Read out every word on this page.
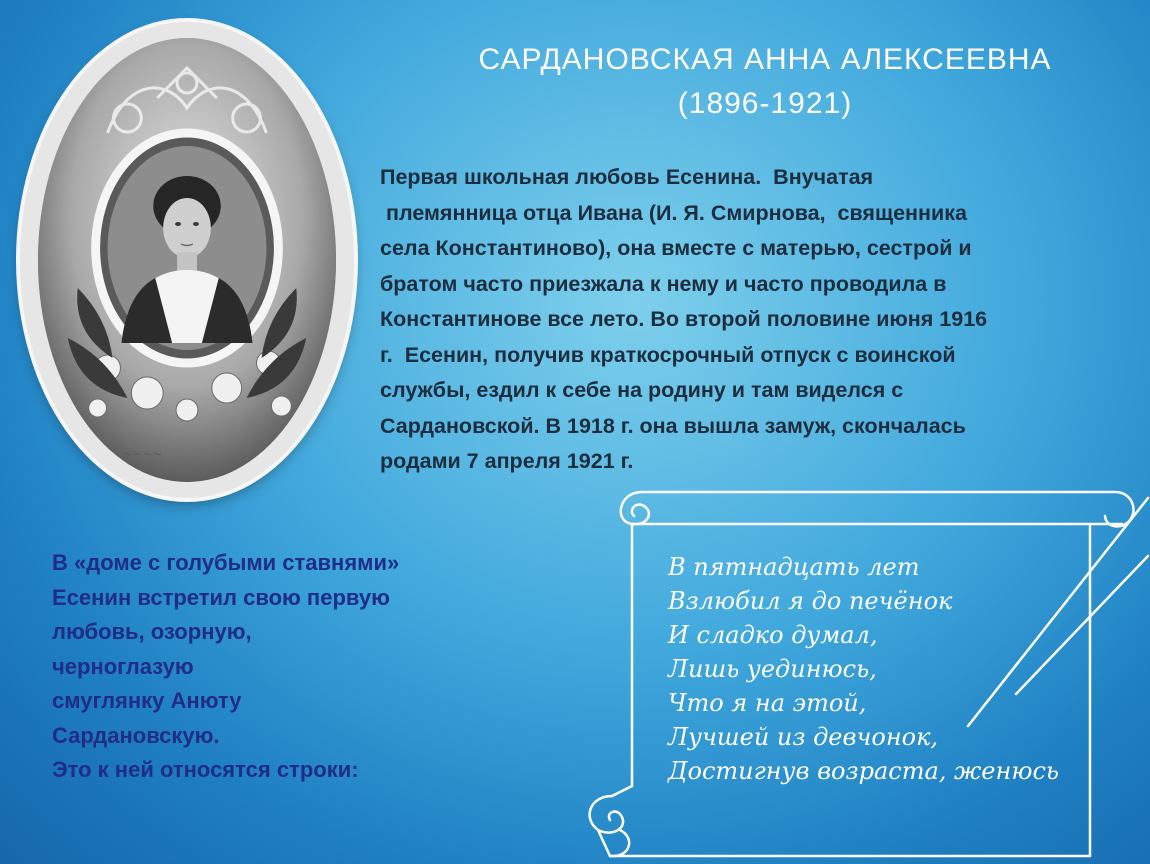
~~~~
САРДАНОВСКАЯ АННА АЛЕКСЕЕВНА
(1896-1921)

Первая школьная любовь Есенина.  Внучатая
племянница отца Ивана (И. Я. Смирнова,  священника
села Константиново), она вместе с матерью, сестрой и
братом часто приезжала к нему и часто проводила в
Константинове все лето. Во второй половине июня 1916
г.  Есенин, получив краткосрочный отпуск с воинской
службы, ездил к себе на родину и там виделся с
Сардановской. В 1918 г. она вышла замуж, скончалась
родами 7 апреля 1921 г.

В «доме с голубыми ставнями»
Есенин встретил свою первую
любовь, озорную,
черноглазую
смуглянку Анюту
Сардановскую.
Это к ней относятся строки:

В пятнадцать лет
Взлюбил я до печёнок
И сладко думал,
Лишь уединюсь,
Что я на этой,
Лучшей из девчонок,
Достигнув возраста, женюсь
